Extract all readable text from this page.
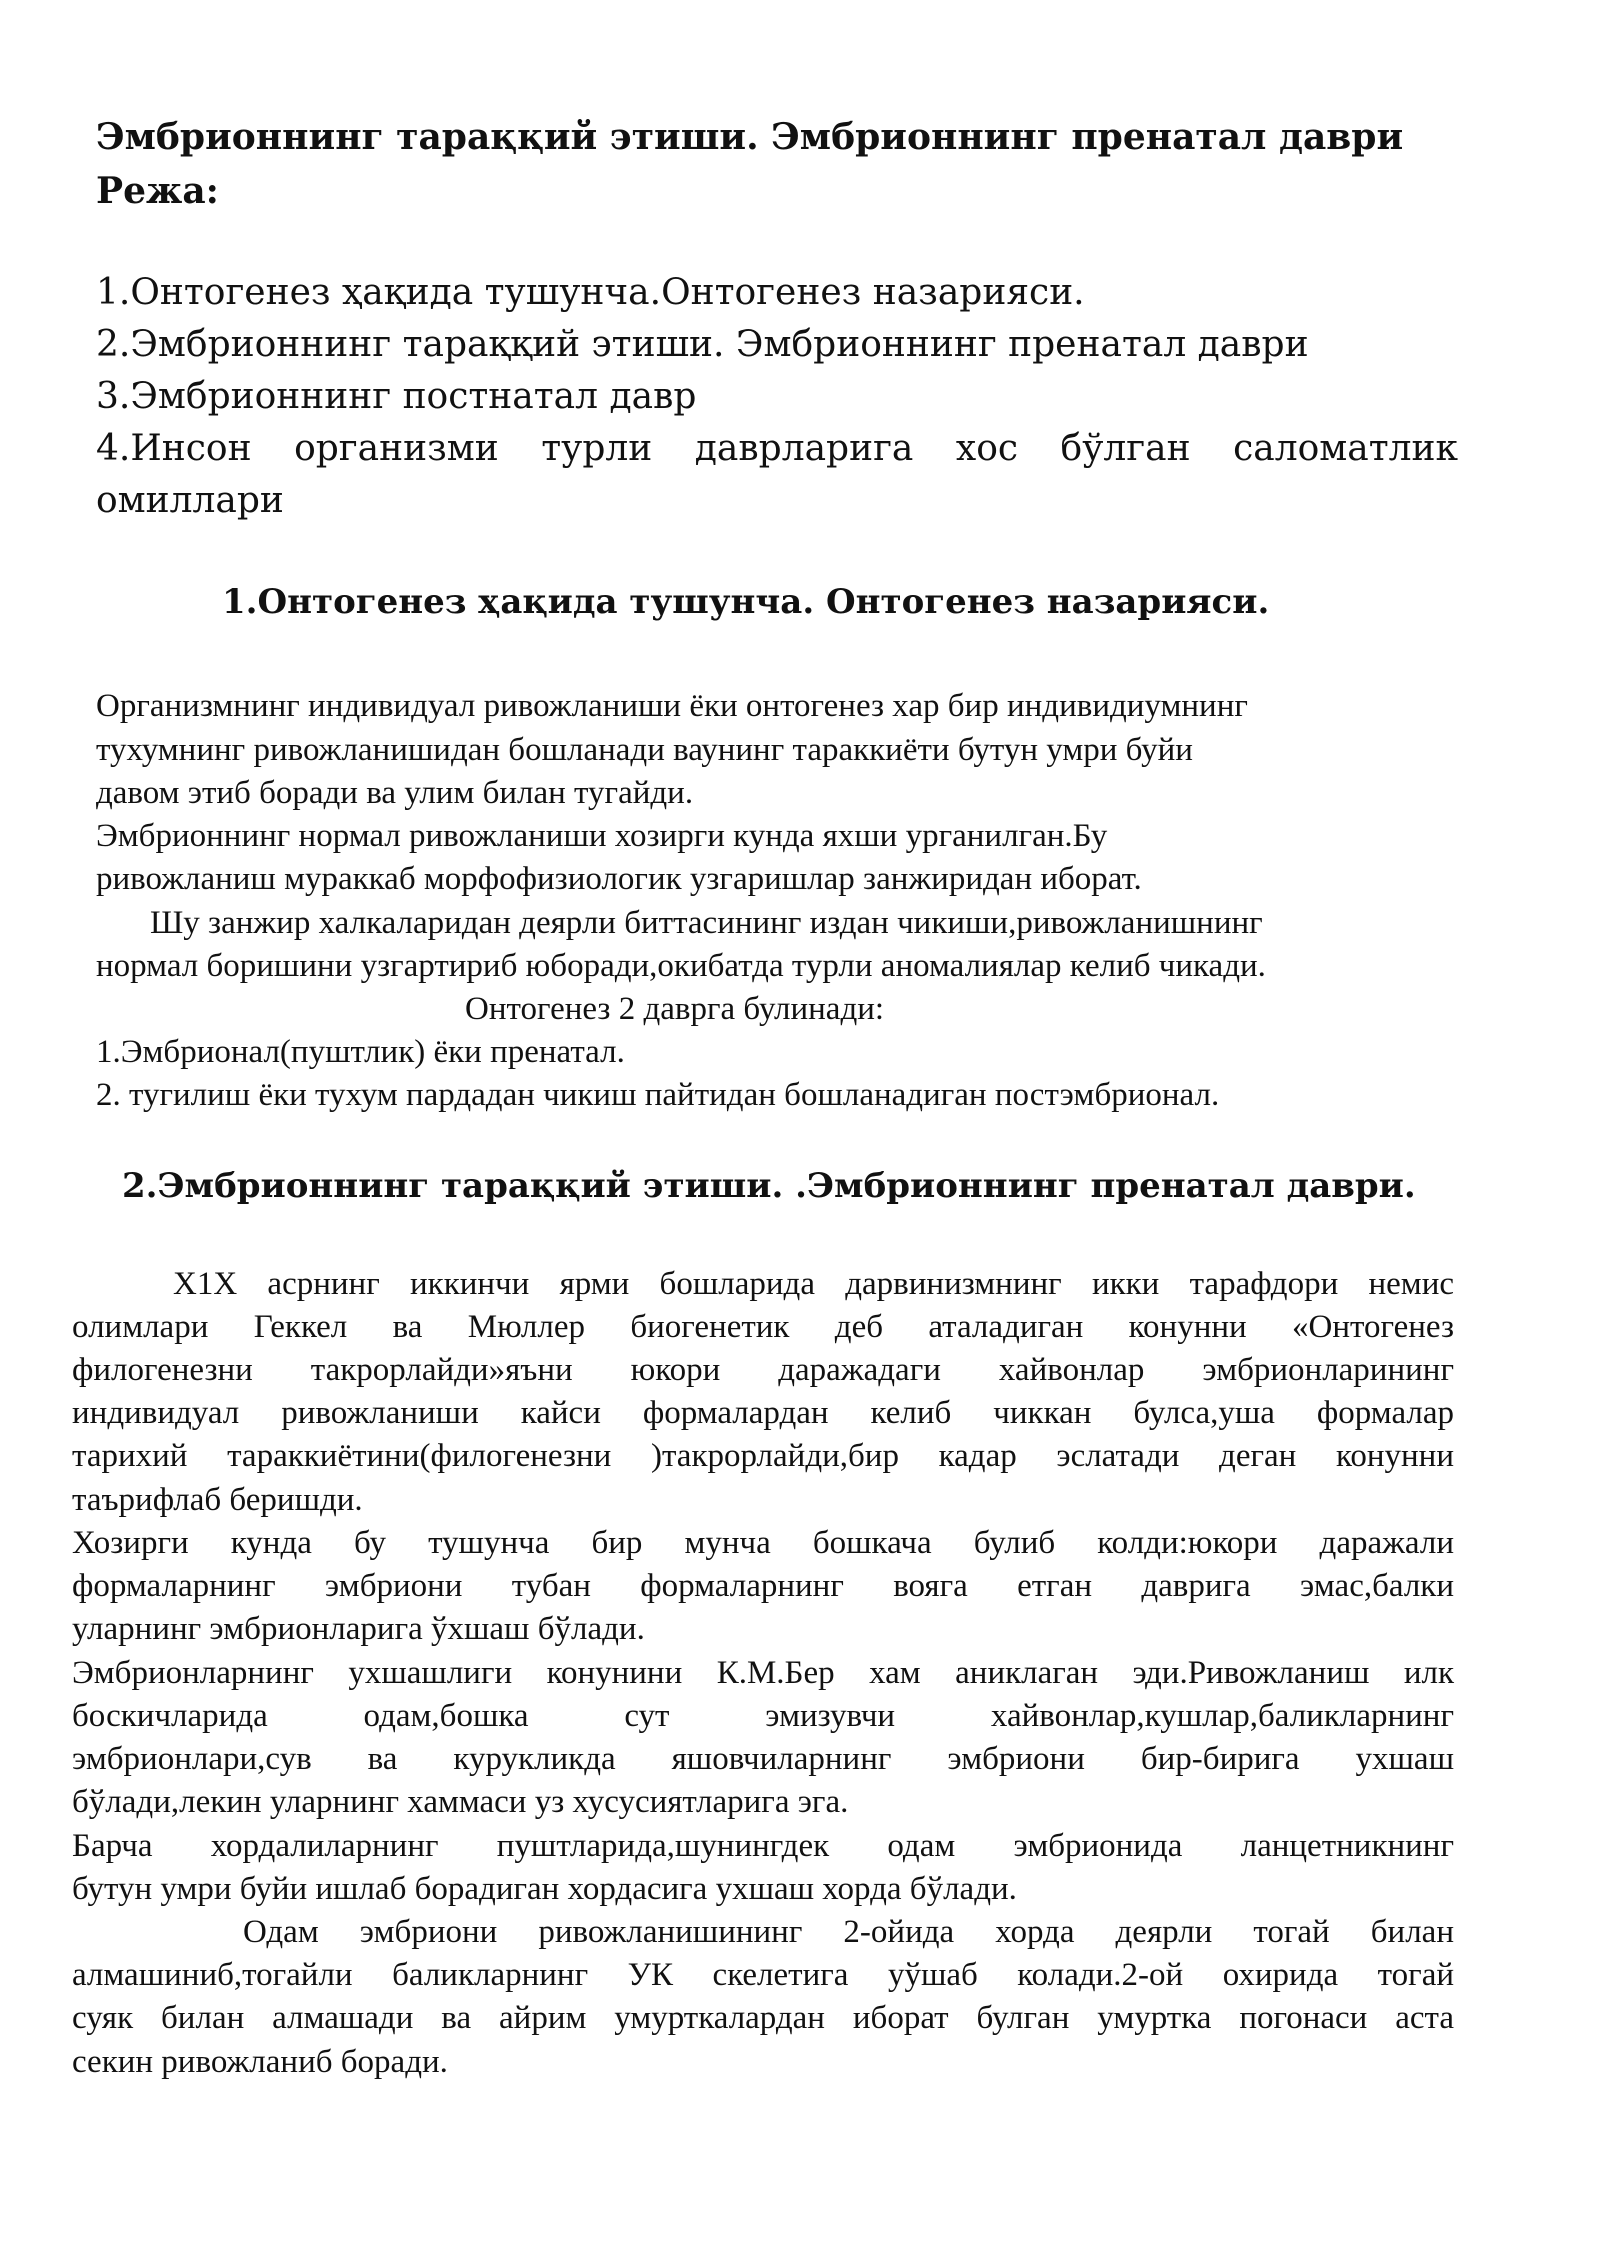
Эмбрионнинг тараққий этиши. Эмбрионнинг пренатал даври
Режа:
1.Онтогенез ҳақида тушунча.Онтогенез назарияси.
2.Эмбрионнинг тараққий этиши. Эмбрионнинг пренатал даври
3.Эмбрионнинг постнатал давр
4.Инсон организми турли даврларига хос бўлган саломатлик
омиллари
1.Онтогенез ҳақида тушунча. Онтогенез назарияси.
Организмнинг индивидуал ривожланиши ёки онтогенез хар бир индивидиумнинг
тухумнинг ривожланишидан бошланади ваунинг тараккиёти бутун умри буйи
давом этиб боради ва улим билан тугайди.
Эмбрионнинг нормал ривожланиши хозирги кунда яхши урганилган.Бу
ривожланиш мураккаб морфофизиологик узгаришлар занжиридан иборат.
Шу занжир халкаларидан деярли биттасининг издан чикиши,ривожланишнинг
нормал боришини узгартириб юборади,окибатда турли аномалиялар келиб чикади.
Онтогенез 2 даврга булинади:
1.Эмбрионал(пуштлик) ёки пренатал.
2. тугилиш ёки тухум пардадан чикиш пайтидан бошланадиган постэмбрионал.
2.Эмбрионнинг тараққий этиши. .Эмбрионнинг пренатал даври.
Х1Х асрнинг иккинчи ярми бошларида дарвинизмнинг икки тарафдори немис
олимлари Геккел ва Мюллер биогенетик деб аталадиган конунни «Онтогенез
филогенезни такрорлайди»яъни юкори даражадаги хайвонлар эмбрионларининг
индивидуал ривожланиши кайси формалардан келиб чиккан булса,уша формалар
тарихий тараккиётини(филогенезни )такрорлайди,бир кадар эслатади деган конунни
таърифлаб беришди.
Хозирги кунда бу тушунча бир мунча бошкача булиб колди:юкори даражали
формаларнинг эмбриони тубан формаларнинг вояга етган даврига эмас,балки
уларнинг эмбрионларига ўхшаш бўлади.
Эмбрионларнинг ухшашлиги конунини К.М.Бер хам аниклаган эди.Ривожланиш илк
боскичларида одам,бошка сут эмизувчи хайвонлар,кушлар,баликларнинг
эмбрионлари,сув ва курукликда яшовчиларнинг эмбриони бир-бирига ухшаш
бўлади,лекин уларнинг хаммаси уз хусусиятларига эга.
Барча хордалиларнинг пуштларида,шунингдек одам эмбрионида ланцетникнинг
бутун умри буйи ишлаб борадиган хордасига ухшаш хорда бўлади.
Одам эмбриони ривожланишининг 2-ойида хорда деярли тогай билан
алмашиниб,тогайли баликларнинг УК скелетига уўшаб колади.2-ой охирида тогай
суяк билан алмашади ва айрим умурткалардан иборат булган умуртка погонаси аста
секин ривожланиб боради.
